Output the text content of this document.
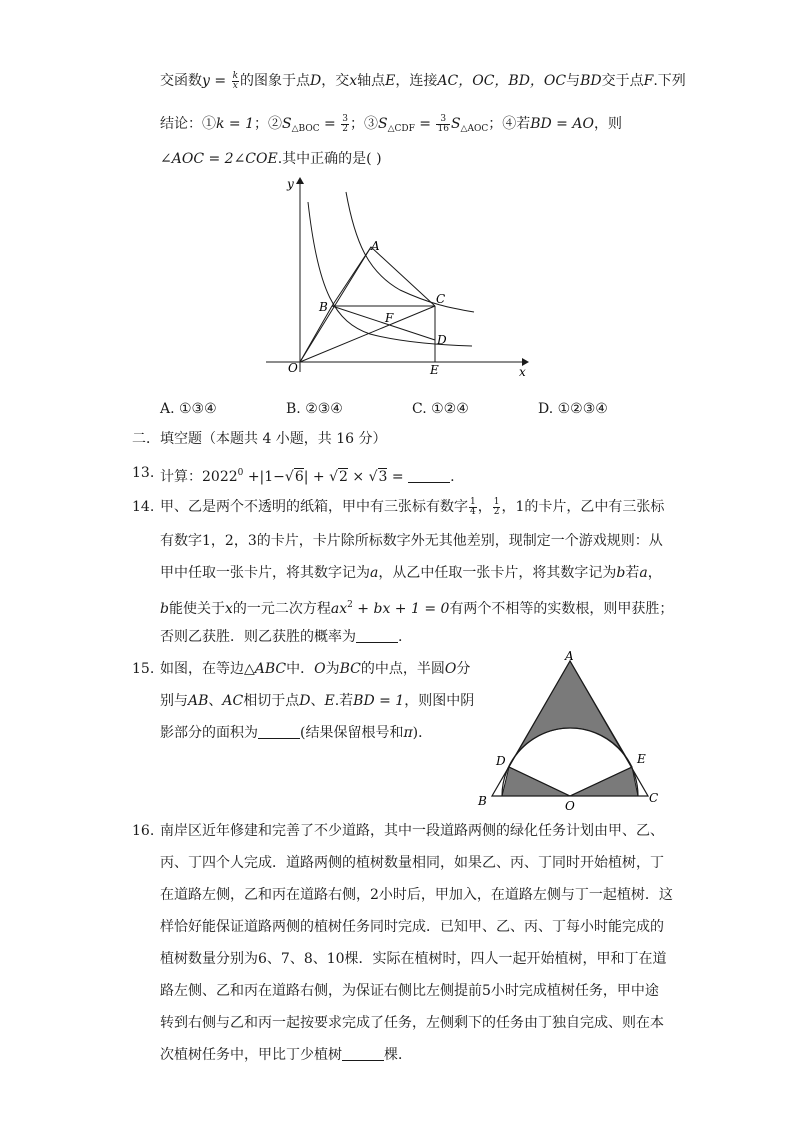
交函数$y = \frac{k}{x}$ 的图象于点D，交x轴点E，连接AC，OC，BD，OC与BD交于点F.下列
结论：①k = 1；$②S_{\triangle BOC} = \frac{3}{2}$ ；$③S_{\triangle CDF} = \frac{3}{16} S_{\triangle AOC}$；④若BD = AO，则
∠AOC = 2∠COE.其中正确的是( )
y
x
O
A
B
C
D
E
F
A. ①③④	B. ②③④	C. ①②④	D. ①②③④
二．填空题（本题共 4 小题，共 16 分）
13. 计算：$2022^0 +|1-√6| + √2 \times √3$ =	.
14. 甲、乙是两个不透明的纸箱，甲中有三张标有数字 $\frac{1}{4}$ ， $\frac{1}{2}$ ，1的卡片，乙中有三张标
有数字1，2，3的卡片，卡片除所标数字外无其他差别，现制定一个游戏规则：从
甲中任取一张卡片，将其数字记为a，从乙中任取一张卡片，将其数字记为b若a，
b能使关于x的一元二次方程$ax^2$ + bx + 1 = 0有两个不相等的实数根，则甲获胜；
否则乙获胜．则乙获胜的概率为	.
15. 如图，在等边△ABC中．O为BC的中点，半圆O分
别与AB、AC相切于点D、E.若BD = 1，则图中阴
影部分的面积为	(结果保留根号和π)．
A
B	C
D	E
O
16. 南岸区近年修建和完善了不少道路，其中一段道路两侧的绿化任务计划由甲、乙、
丙、丁四个人完成．道路两侧的植树数量相同，如果乙、丙、丁同时开始植树，丁
在道路左侧，乙和丙在道路右侧，2小时后，甲加入，在道路左侧与丁一起植树．这
样恰好能保证道路两侧的植树任务同时完成．已知甲、乙、丙、丁每小时能完成的
植树数量分别为6、7、8、10棵．实际在植树时，四人一起开始植树，甲和丁在道
路左侧、乙和丙在道路右侧，为保证右侧比左侧提前5小时完成植树任务，甲中途
转到右侧与乙和丙一起按要求完成了任务，左侧剩下的任务由丁独自完成、则在本
次植树任务中，甲比丁少植树	棵．
